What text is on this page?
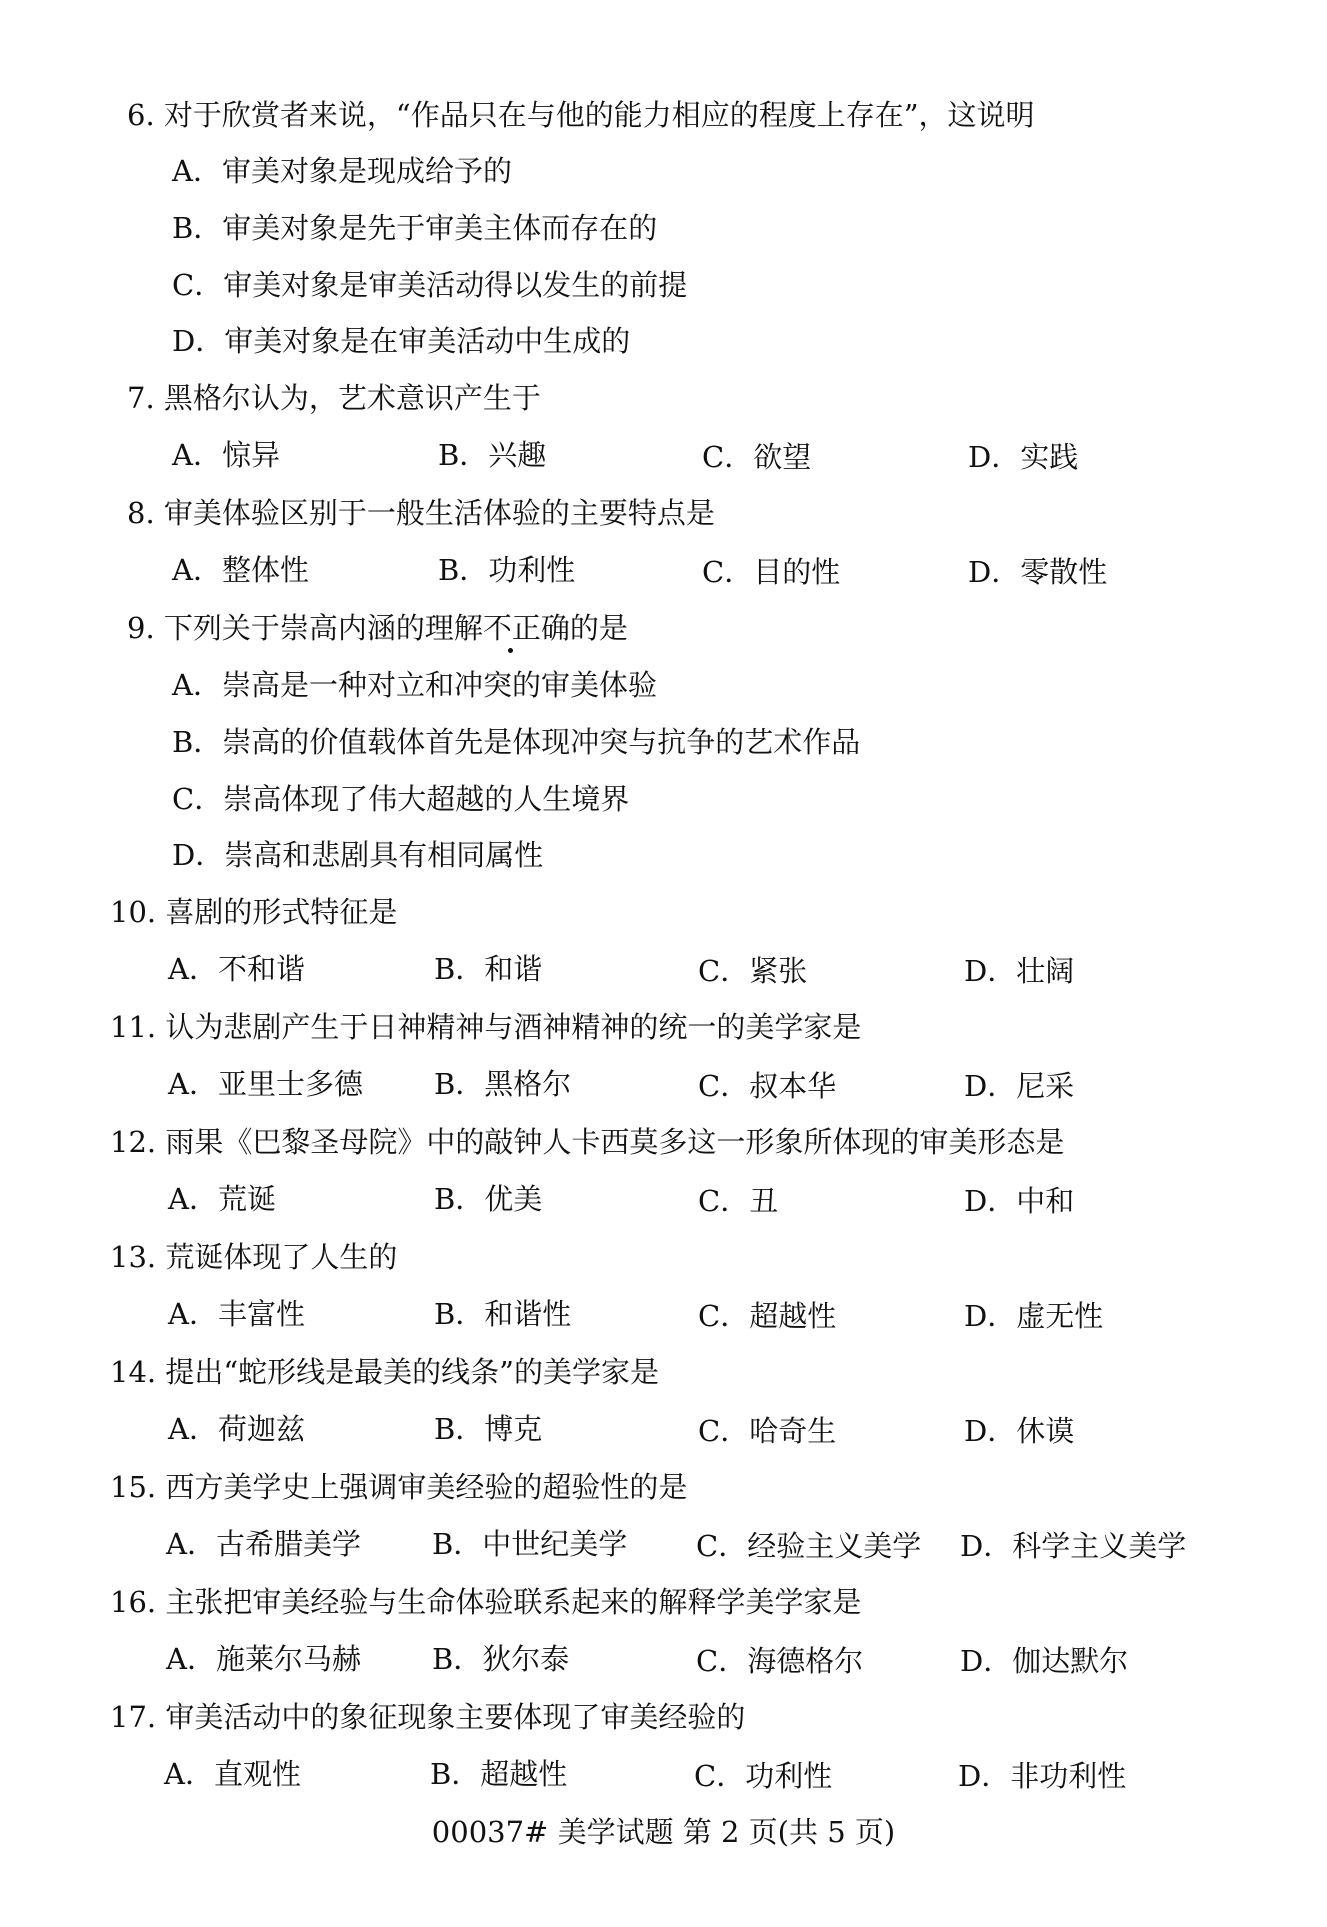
6. 对于欣赏者来说，“作品只在与他的能力相应的程度上存在”，这说明
A．审美对象是现成给予的
B．审美对象是先于审美主体而存在的
C．审美对象是审美活动得以发生的前提
D．审美对象是在审美活动中生成的
7. 黑格尔认为，艺术意识产生于
A．惊异	B．兴趣	C．欲望	D．实践
8. 审美体验区别于一般生活体验的主要特点是
A．整体性	B．功利性	C．目的性	D．零散性
9. 下列关于崇高内涵的理解不正确的是
A．崇高是一种对立和冲突的审美体验
B．崇高的价值载体首先是体现冲突与抗争的艺术作品
C．崇高体现了伟大超越的人生境界
D．崇高和悲剧具有相同属性
10. 喜剧的形式特征是
A．不和谐	B．和谐	C．紧张	D．壮阔
11. 认为悲剧产生于日神精神与酒神精神的统一的美学家是
A．亚里士多德 B．黑格尔	C．叔本华	D．尼采
12. 雨果《巴黎圣母院》中的敲钟人卡西莫多这一形象所体现的审美形态是
A．荒诞	B．优美	C．丑	D．中和
13. 荒诞体现了人生的
A．丰富性	B．和谐性	C．超越性	D．虚无性
14. 提出“蛇形线是最美的线条”的美学家是
A．荷迦兹	B．博克	C．哈奇生	D．休谟
15. 西方美学史上强调审美经验的超验性的是
A．古希腊美学 B．中世纪美学 C．经验主义美学 D．科学主义美学
16. 主张把审美经验与生命体验联系起来的解释学美学家是
A．施莱尔马赫 B．狄尔泰	C．海德格尔	D．伽达默尔
17. 审美活动中的象征现象主要体现了审美经验的
A．直观性	B．超越性	C．功利性	D．非功利性
00037# 美学试题 第 2 页(共 5 页)
